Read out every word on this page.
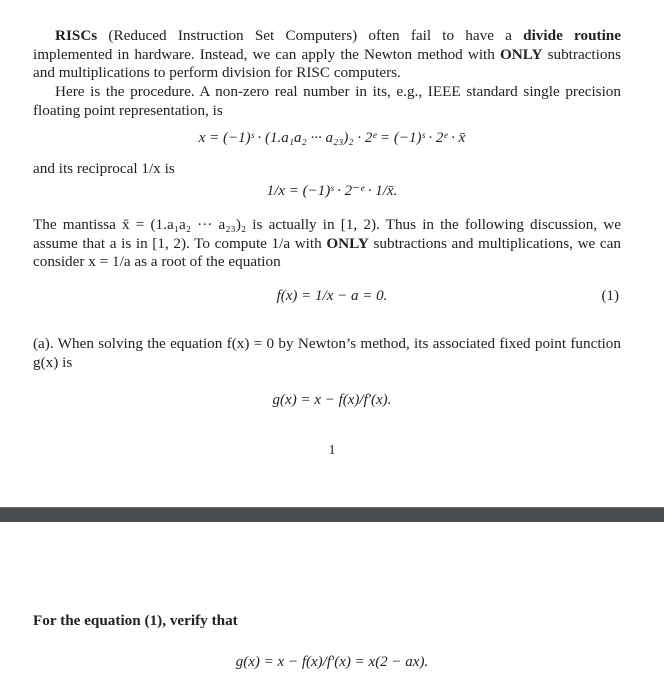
RISCs (Reduced Instruction Set Computers) often fail to have a divide routine implemented in hardware. Instead, we can apply the Newton method with ONLY subtractions and multiplications to perform division for RISC computers.
Here is the procedure. A non-zero real number in its, e.g., IEEE standard single precision floating point representation, is
x = (−1)ˢ · (1.a₁a₂ ··· a₂₃)₂ · 2ᵉ = (−1)ˢ · 2ᵉ · x̄
and its reciprocal 1/x is
1/x = (−1)ˢ · 2⁻ᵉ · 1/x̄.
The mantissa x̄ = (1.a₁a₂ ··· a₂₃)₂ is actually in [1, 2). Thus in the following discussion, we assume that a is in [1, 2). To compute 1/a with ONLY subtractions and multiplications, we can consider x = 1/a as a root of the equation
f(x) = 1/x − a = 0.	(1)
(a). When solving the equation f(x) = 0 by Newton’s method, its associated fixed point function g(x) is
g(x) = x − f(x)/f′(x).
1
For the equation (1), verify that
g(x) = x − f(x)/f′(x) = x(2 − ax).
